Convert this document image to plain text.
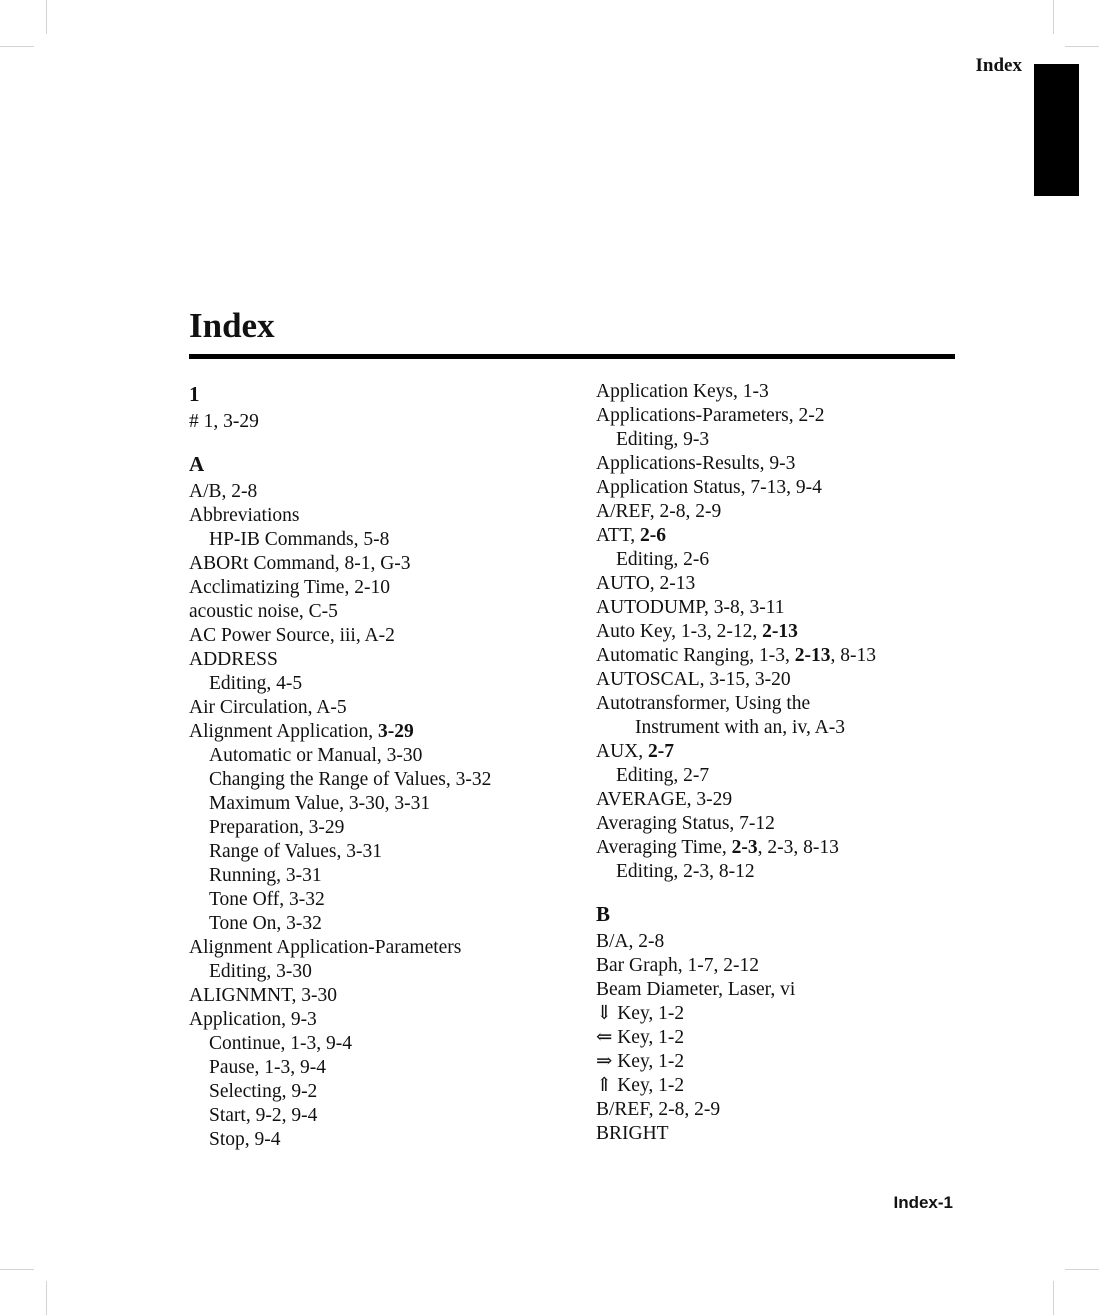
Index
Index
1
# 1, 3-29
A
A/B, 2-8
Abbreviations
HP-IB Commands, 5-8
ABORt Command, 8-1, G-3
Acclimatizing Time, 2-10
acoustic noise, C-5
AC Power Source, iii, A-2
ADDRESS
Editing, 4-5
Air Circulation, A-5
Alignment Application, 3-29
Automatic or Manual, 3-30
Changing the Range of Values, 3-32
Maximum Value, 3-30, 3-31
Preparation, 3-29
Range of Values, 3-31
Running, 3-31
Tone Off, 3-32
Tone On, 3-32
Alignment Application-Parameters
Editing, 3-30
ALIGNMNT, 3-30
Application, 9-3
Continue, 1-3, 9-4
Pause, 1-3, 9-4
Selecting, 9-2
Start, 9-2, 9-4
Stop, 9-4
Application Keys, 1-3
Applications-Parameters, 2-2
Editing, 9-3
Applications-Results, 9-3
Application Status, 7-13, 9-4
A/REF, 2-8, 2-9
ATT, 2-6
Editing, 2-6
AUTO, 2-13
AUTODUMP, 3-8, 3-11
Auto Key, 1-3, 2-12, 2-13
Automatic Ranging, 1-3, 2-13, 8-13
AUTOSCAL, 3-15, 3-20
Autotransformer, Using the
Instrument with an, iv, A-3
AUX, 2-7
Editing, 2-7
AVERAGE, 3-29
Averaging Status, 7-12
Averaging Time, 2-3, 2-3, 8-13
Editing, 2-3, 8-12
B
B/A, 2-8
Bar Graph, 1-7, 2-12
Beam Diameter, Laser, vi
⇓ Key, 1-2
⇐ Key, 1-2
⇒ Key, 1-2
⇑ Key, 1-2
B/REF, 2-8, 2-9
BRIGHT
Index-1
